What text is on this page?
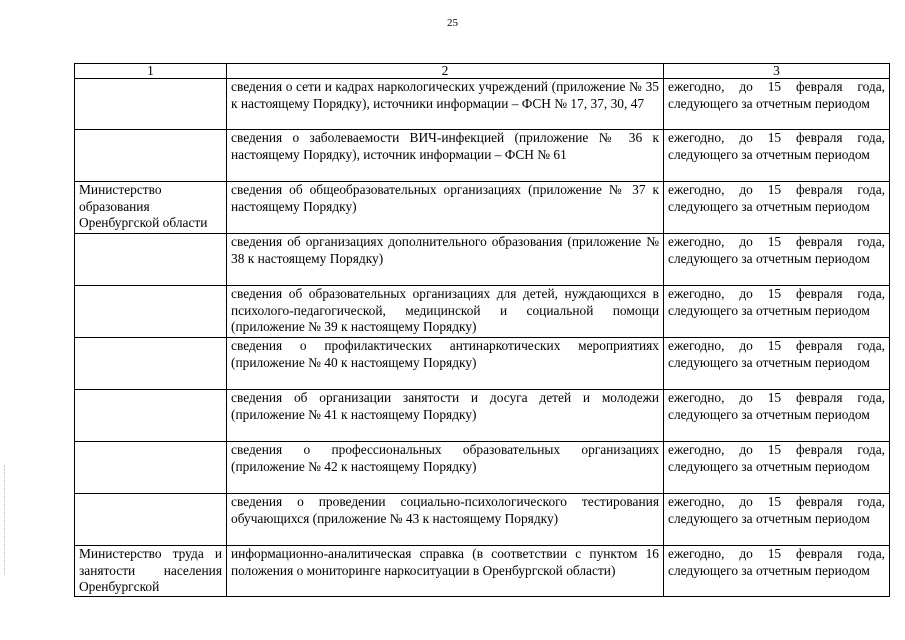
25
1	2	3
	сведения о сети и кадрах наркологических учреждений (приложение № 35 к настоящему Порядку), источники информации – ФСН № 17, 37, 30, 47	ежегодно, до 15 февраля года, следующего за отчетным периодом
	сведения о заболеваемости ВИЧ-инфекцией (приложение № 36 к настоящему Порядку), источник информации – ФСН № 61	ежегодно, до 15 февраля года, следующего за отчетным периодом
Министерство образования Оренбургской области	сведения об общеобразовательных организациях (приложение № 37 к настоящему Порядку)	ежегодно, до 15 февраля года, следующего за отчетным периодом
	сведения об организациях дополнительного образования (приложение № 38 к настоящему Порядку)	ежегодно, до 15 февраля года, следующего за отчетным периодом
	сведения об образовательных организациях для детей, нуждающихся в психолого-педагогической, медицинской и социальной помощи (приложение № 39 к настоящему Порядку)	ежегодно, до 15 февраля года, следующего за отчетным периодом
	сведения о профилактических антинаркотических мероприятиях (приложение № 40 к настоящему Порядку)	ежегодно, до 15 февраля года, следующего за отчетным периодом
	сведения об организации занятости и досуга детей и молодежи (приложение № 41 к настоящему Порядку)	ежегодно, до 15 февраля года, следующего за отчетным периодом
	сведения о профессиональных образовательных организациях (приложение № 42 к настоящему Порядку)	ежегодно, до 15 февраля года, следующего за отчетным периодом
	сведения о проведении социально-психологического тестирования обучающихся (приложение № 43 к настоящему Порядку)	ежегодно, до 15 февраля года, следующего за отчетным периодом
Министерство труда и занятости населения Оренбургской	информационно-аналитическая справка (в соответствии с пунктом 16 положения о мониторинге наркоситуации в Оренбургской области)	ежегодно, до 15 февраля года, следующего за отчетным периодом
